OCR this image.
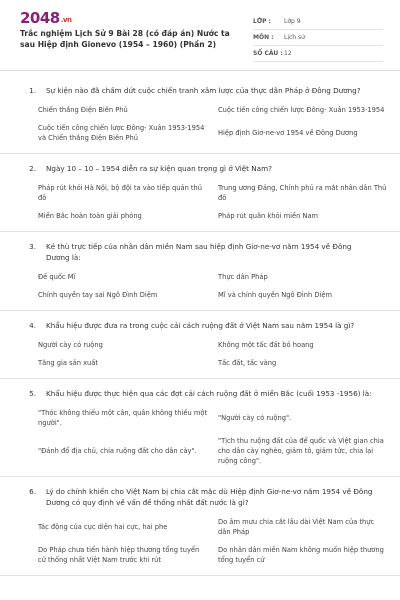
2048.vn
Trắc nghiệm Lịch Sử 9 Bài 28 (có đáp án) Nước ta sau Hiệp định Gionevo (1954 – 1960) (Phần 2)
LỚP :	Lớp 9
MÔN :	Lịch sử
SỐ CÂU : 12
1.	Sự kiện nào đã chấm dứt cuộc chiến tranh xâm lược của thực dân Pháp ở Đông Dương?
Chiến thắng Điện Biên Phủ	Cuộc tiến công chiến lược Đông- Xuân 1953-1954
Cuộc tiến công chiến lược Đông- Xuân 1953-1954 và Chiến thắng Điện Biên Phủ
Hiệp định Giơ-ne-vơ 1954 về Đông Dương
2.	Ngày 10 – 10 – 1954 diễn ra sự kiện quan trọng gì ở Việt Nam?
Pháp rút khỏi Hà Nội, bộ đội ta vào tiếp quản thủ đô
Trung ương Đảng, Chính phủ ra mắt nhân dân Thủ đô
Miền Bắc hoàn toàn giải phóng	Pháp rút quân khỏi miền Nam
3.	Kẻ thù trực tiếp của nhân dân miền Nam sau hiệp định Giơ-ne-vơ năm 1954 về Đông Dương là:
Đế quốc Mĩ	Thực dân Pháp
Chính quyền tay sai Ngô Đình Diệm	Mĩ và chính quyền Ngô Đình Diệm
4.	Khẩu hiệu được đưa ra trong cuộc cải cách ruộng đất ở Việt Nam sau năm 1954 là gì?
Người cày có ruộng	Không một tấc đất bỏ hoang
Tăng gia sản xuất	Tấc đất, tấc vàng
5.	Khẩu hiệu được thực hiện qua các đợt cải cách ruộng đất ở miền Bắc (cuối 1953 -1956) là:
"Thóc không thiếu một cân, quân không thiếu một người".
"Người cày có ruộng".
"Đánh đổ địa chủ, chia ruộng đất cho dân cày".
"Tịch thu ruộng đất của đế quốc và Việt gian chia cho dân cày nghèo, giảm tô, giảm tức, chia lại ruộng công".
6.	Lý do chính khiến cho Việt Nam bị chia cắt mặc dù Hiệp định Giơ-ne-vơ năm 1954 về Đông Dương có quy định về vấn đề thống nhất đất nước là gì?
Tác động của cục diện hai cực, hai phe
Do âm mưu chia cắt lâu dài Việt Nam của thực dân Pháp
Do Pháp chưa tiến hành hiệp thương tổng tuyển cử thống nhất Việt Nam trước khi rút
Do nhân dân miền Nam không muốn hiệp thương tổng tuyển cử
